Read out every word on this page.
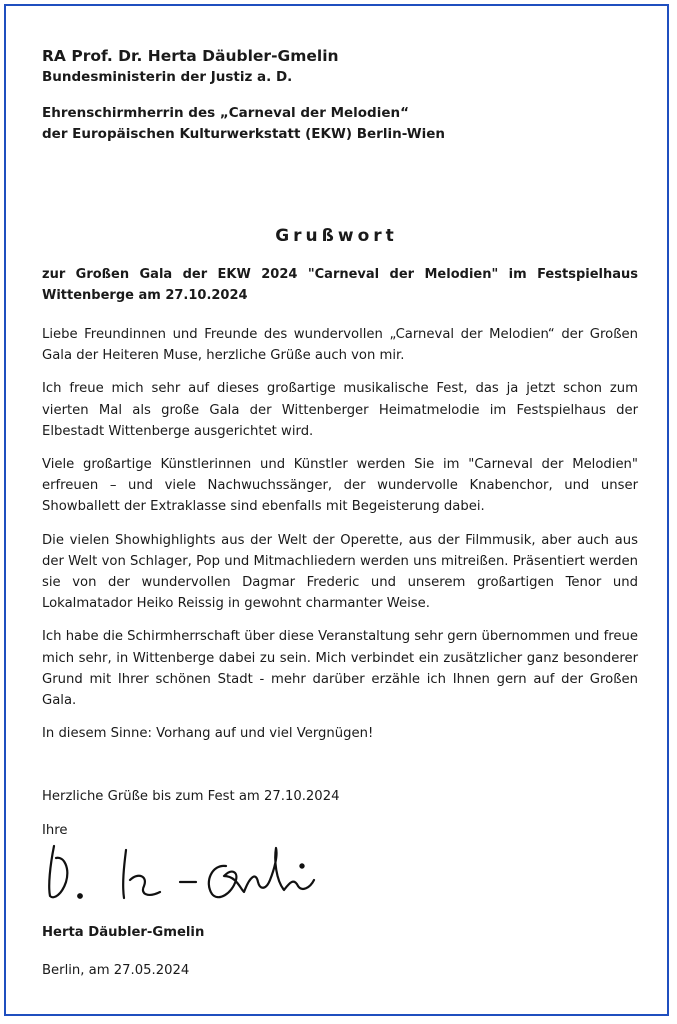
RA Prof. Dr. Herta Däubler-Gmelin

Bundesministerin der Justiz a. D.

Ehrenschirmherrin des „Carneval der Melodien“

der Europäischen Kulturwerkstatt (EKW) Berlin-Wien

Grußwort

zur Großen Gala der EKW 2024 "Carneval der Melodien" im Festspielhaus Wittenberge am 27.10.2024

Liebe Freundinnen und Freunde des wundervollen „Carneval der Melodien“ der Großen Gala der Heiteren Muse, herzliche Grüße auch von mir.

Ich freue mich sehr auf dieses großartige musikalische Fest, das ja jetzt schon zum vierten Mal als große Gala der Wittenberger Heimatmelodie im Festspielhaus der Elbestadt Wittenberge ausgerichtet wird.

Viele großartige Künstlerinnen und Künstler werden Sie im "Carneval der Melodien" erfreuen – und viele Nachwuchssänger, der wundervolle Knabenchor, und unser Showballett der Extraklasse sind ebenfalls mit Begeisterung dabei.

Die vielen Showhighlights aus der Welt der Operette, aus der Filmmusik, aber auch aus der Welt von Schlager, Pop und Mitmachliedern werden uns mitreißen. Präsentiert werden sie von der wundervollen Dagmar Frederic und unserem großartigen Tenor und Lokalmatador Heiko Reissig in gewohnt charmanter Weise.

Ich habe die Schirmherrschaft über diese Veranstaltung sehr gern übernommen und freue mich sehr, in Wittenberge dabei zu sein. Mich verbindet ein zusätzlicher ganz besonderer Grund mit Ihrer schönen Stadt - mehr darüber erzähle ich Ihnen gern auf der Großen Gala.

In diesem Sinne: Vorhang auf und viel Vergnügen!

Herzliche Grüße bis zum Fest am 27.10.2024

Ihre

Herta Däubler-Gmelin

Berlin, am 27.05.2024
